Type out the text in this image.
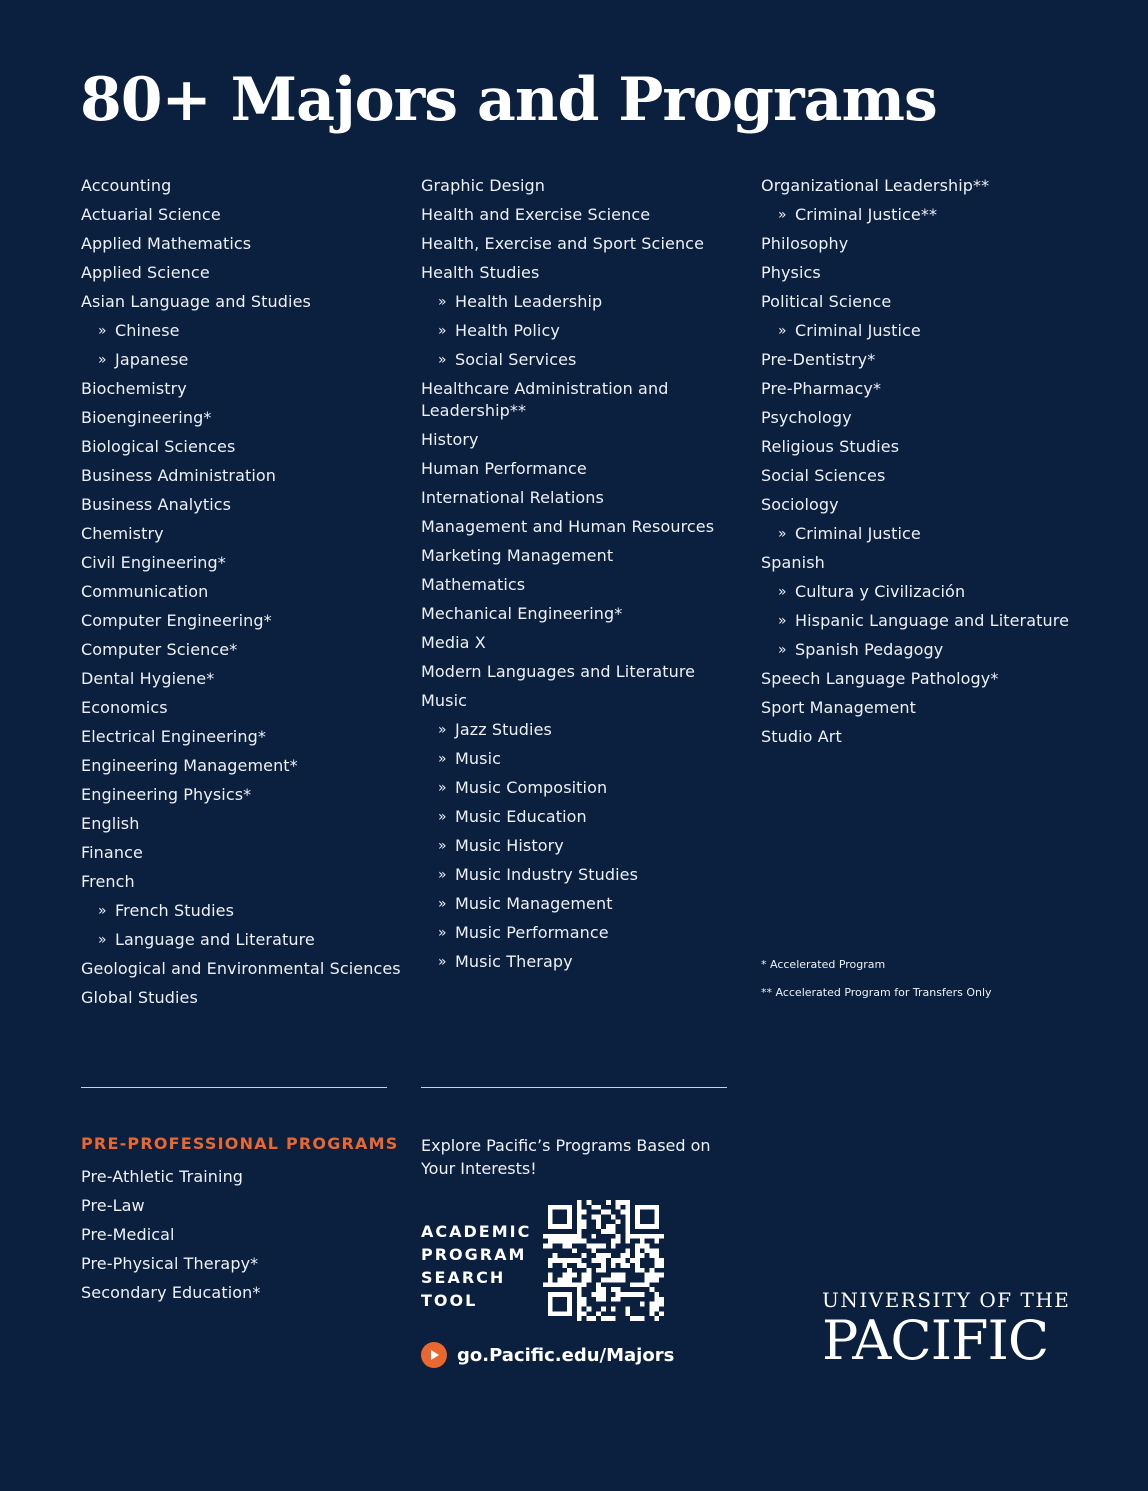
80+ Majors and Programs
Accounting
Actuarial Science
Applied Mathematics
Applied Science
Asian Language and Studies
» Chinese
» Japanese
Biochemistry
Bioengineering*
Biological Sciences
Business Administration
Business Analytics
Chemistry
Civil Engineering*
Communication
Computer Engineering*
Computer Science*
Dental Hygiene*
Economics
Electrical Engineering*
Engineering Management*
Engineering Physics*
English
Finance
French
» French Studies
» Language and Literature
Geological and Environmental Sciences
Global Studies
Graphic Design
Health and Exercise Science
Health, Exercise and Sport Science
Health Studies
» Health Leadership
» Health Policy
» Social Services
Healthcare Administration and Leadership**
History
Human Performance
International Relations
Management and Human Resources
Marketing Management
Mathematics
Mechanical Engineering*
Media X
Modern Languages and Literature
Music
» Jazz Studies
» Music
» Music Composition
» Music Education
» Music History
» Music Industry Studies
» Music Management
» Music Performance
» Music Therapy
Organizational Leadership**
» Criminal Justice**
Philosophy
Physics
Political Science
» Criminal Justice
Pre-Dentistry*
Pre-Pharmacy*
Psychology
Religious Studies
Social Sciences
Sociology
» Criminal Justice
Spanish
» Cultura y Civilización
» Hispanic Language and Literature
» Spanish Pedagogy
Speech Language Pathology*
Sport Management
Studio Art
* Accelerated Program
** Accelerated Program for Transfers Only
PRE-PROFESSIONAL PROGRAMS
Pre-Athletic Training
Pre-Law
Pre-Medical
Pre-Physical Therapy*
Secondary Education*
Explore Pacific’s Programs Based on Your Interests!
ACADEMIC PROGRAM SEARCH TOOL
go.Pacific.edu/Majors
UNIVERSITY OF THE
PACIFIC
